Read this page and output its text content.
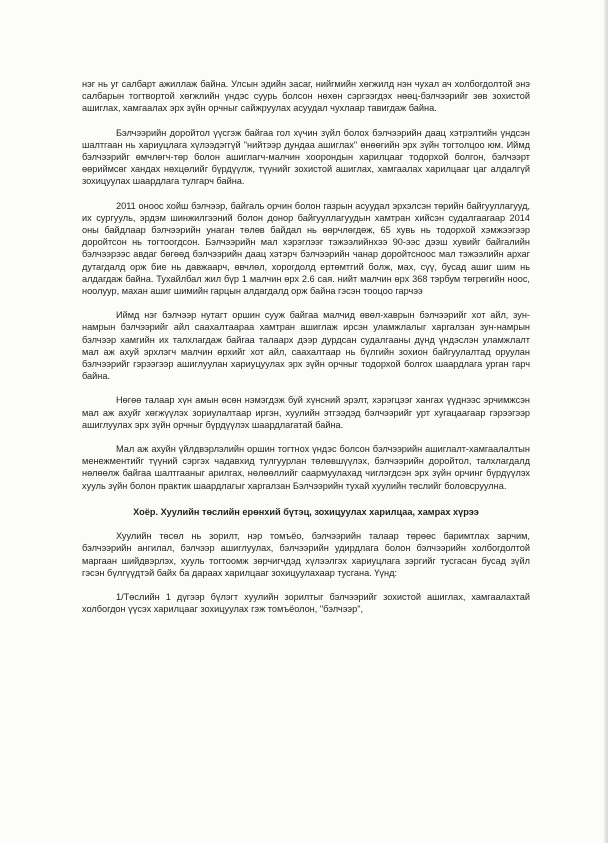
нэг нь уг салбарт ажиллаж байна. Улсын эдийн засаг, нийгмийн хөгжилд нэн чухал ач холбогдолтой энэ салбарын тогтвортой хөгжлийн үндэс суурь болсон нөхөн сэргээгдэх нөөц-бэлчээрийг зөв зохистой ашиглах, хамгаалах эрх зүйн орчныг сайжруулах асуудал чухлаар тавигдаж байна.

Бэлчээрийн доройтол үүсгэж байгаа гол хүчин зүйл болох бэлчээрийн даац хэтрэлтийн үндсэн шалтгаан нь хариуцлага хүлээдэггүй "нийтээр дундаа ашиглах" өнөөгийн эрх зүйн тогтолцоо юм. Иймд бэлчээрийг өмчлөгч-төр болон ашиглагч-малчин хоорондын харилцааг тодорхой болгон, бэлчээрт өөриймсөг хандах нөхцөлийг бүрдүүлж, түүнийг зохистой ашиглах, хамгаалах харилцааг цаг алдалгүй зохицуулах шаардлага тулгарч байна.

2011 оноос хойш бэлчээр, байгаль орчин болон газрын асуудал эрхэлсэн төрийн байгууллагууд, их сургууль, эрдэм шинжилгээний болон донор байгууллагуудын хамтран хийсэн судалгаагаар 2014 оны байдлаар бэлчээрийн унаган төлөв байдал нь өөрчлөгдөж, 65 хувь нь тодорхой хэмжээгээр доройтсон нь тогтоогдсон. Бэлчээрийн мал хэрэглээг тэжээлийнхээ 90-ээс дээш хувийг байгалийн бэлчээрээс авдаг бөгөөд бэлчээрийн даац хэтэрч бэлчээрийн чанар доройтсноос мал тэжээлийн архаг дутагдалд орж бие нь давжаарч, өвчлөл, хорогдолд ертөмтгий болж, мах, сүү, бусад ашиг шим нь алдагдаж байна. Тухайлбал жил бүр 1 малчин өрх 2.6 сая. нийт малчин өрх 368 тэрбум төгрөгийн ноос, ноолуур, махан ашиг шимийн гарцын алдагдалд орж байна гэсэн тооцоо гарчээ

Иймд нэг бэлчээр нутагт оршин сууж байгаа малчид өвөл-хаврын бэлчээрийг хот айл, зун-намрын бэлчээрийг айл саахалтаараа хамтран ашиглаж ирсэн уламжлалыг харгалзан зун-намрын бэлчээр хамгийн их талхлагдаж байгаа талаарх дээр дурдсан судалгааны дүнд үндэслэн уламжлалт мал аж ахуй эрхлэгч малчин өрхийг хот айл, саахалтаар нь бүлгийн зохион байгуулалтад оруулан бэлчээрийг гэрээгээр ашиглуулан хариуцуулах эрх зүйн орчныг тодорхой болгох шаардлага урган гарч байна.

Нөгөө талаар хүн амын өсөн нэмэгдэж буй хүнсний эрэлт, хэрэгцээг хангах үүднээс эрчимжсэн мал аж ахуйг хөгжүүлэх зориулалтаар иргэн, хуулийн этгээдэд бэлчээрийг урт хугацаагаар гэрээгээр ашиглуулах эрх зүйн орчныг бүрдүүлэх шаардлагатай байна.

Мал аж ахуйн үйлдвэрлэлийн оршин тогтнох үндэс болсон бэлчээрийн ашиглалт-хамгаалалтын менежментийг түүний сэргэх чадавхид тулгуурлан төлөвшүүлэх, бэлчээрийн доройтол, талхлагдалд нөлөөлж байгаа шалтгааныг арилгах, нөлөөллийг саармуулахад чиглэгдсэн эрх зүйн орчинг бүрдүүлэх хууль зүйн болон практик шаардлагыг харгалзан Бэлчээрийн тухай хуулийн төслийг боловсруулна.

Хоёр. Хуулийн төслийн ерөнхий бүтэц, зохицуулах харилцаа, хамрах хүрээ

Хуулийн төсөл нь зорилт, нэр томъёо, бэлчээрийн талаар төрөөс баримтлах зарчим, бэлчээрийн ангилал, бэлчээр ашиглуулах, бэлчээрийн удирдлага болон бэлчээрийн холбогдолтой маргаан шийдвэрлэх, хууль тогтоомж зөрчигчдэд хүлээлгэх хариуцлага зэргийг тусгасан бусад зүйл гэсэн бүлгүүдтэй байх ба дараах харилцааг зохицуулахаар тусгана. Үүнд:

1/Төслийн 1 дүгээр бүлэгт хуулийн зорилтыг бэлчээрийг зохистой ашиглах, хамгаалахтай холбогдон үүсэх харилцааг зохицуулах гэж томъёолон, "бэлчээр",
